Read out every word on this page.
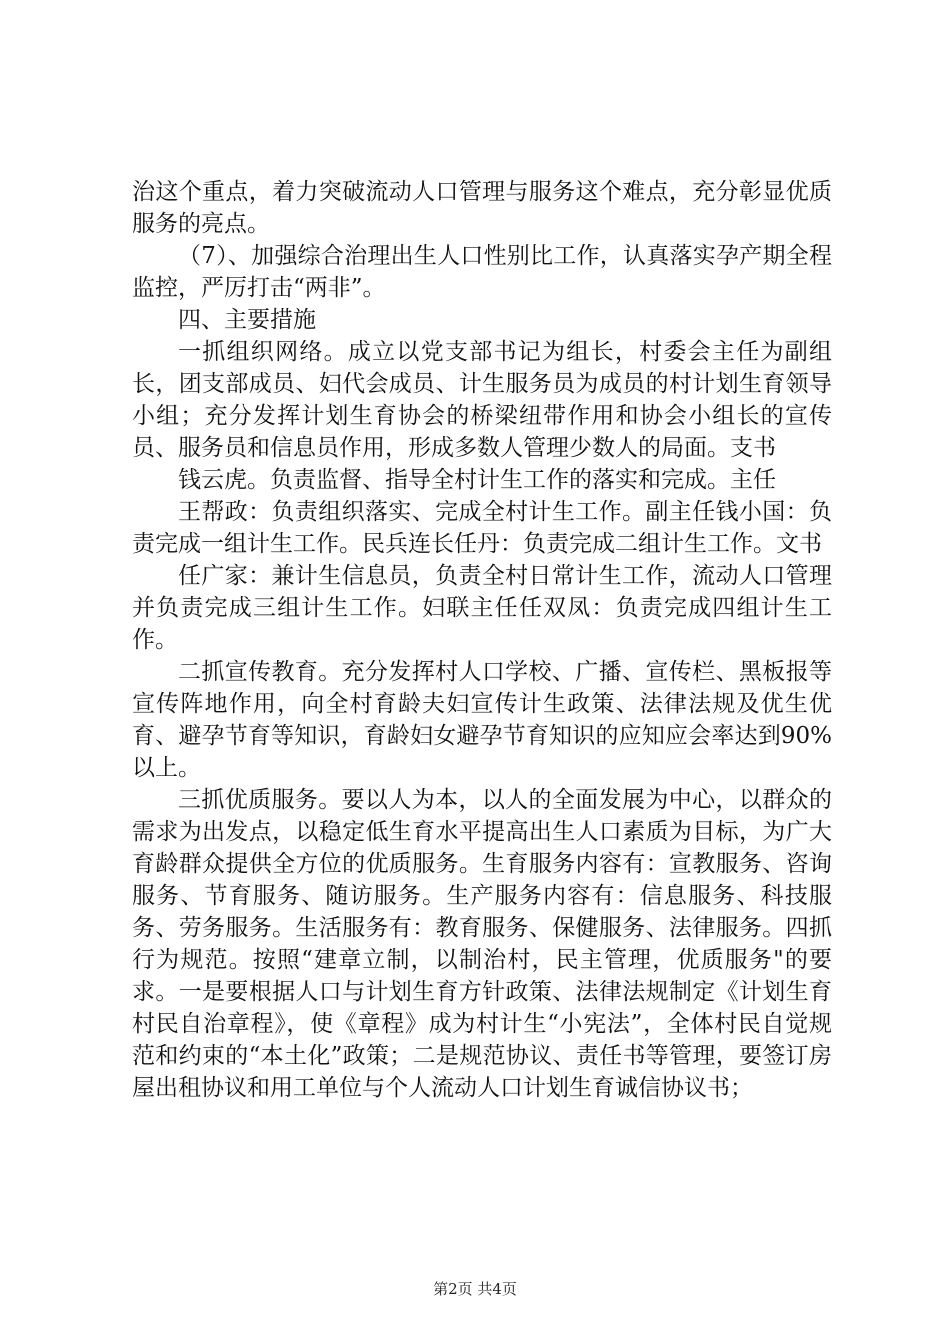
治这个重点，着力突破流动人口管理与服务这个难点，充分彰显优质服务的亮点。

（7）、加强综合治理出生人口性别比工作，认真落实孕产期全程监控，严厉打击“两非”。

四、主要措施

一抓组织网络。成立以党支部书记为组长，村委会主任为副组长，团支部成员、妇代会成员、计生服务员为成员的村计划生育领导小组；充分发挥计划生育协会的桥梁纽带作用和协会小组长的宣传员、服务员和信息员作用，形成多数人管理少数人的局面。支书

钱云虎。负责监督、指导全村计生工作的落实和完成。主任

王帮政：负责组织落实、完成全村计生工作。副主任钱小国：负责完成一组计生工作。民兵连长任丹：负责完成二组计生工作。文书

任广家：兼计生信息员，负责全村日常计生工作，流动人口管理并负责完成三组计生工作。妇联主任任双凤：负责完成四组计生工作。

二抓宣传教育。充分发挥村人口学校、广播、宣传栏、黑板报等宣传阵地作用，向全村育龄夫妇宣传计生政策、法律法规及优生优育、避孕节育等知识，育龄妇女避孕节育知识的应知应会率达到90%以上。

三抓优质服务。要以人为本，以人的全面发展为中心，以群众的需求为出发点，以稳定低生育水平提高出生人口素质为目标，为广大育龄群众提供全方位的优质服务。生育服务内容有：宣教服务、咨询服务、节育服务、随访服务。生产服务内容有：信息服务、科技服务、劳务服务。生活服务有：教育服务、保健服务、法律服务。四抓行为规范。按照“建章立制，以制治村，民主管理，优质服务"的要求。一是要根据人口与计划生育方针政策、法律法规制定《计划生育村民自治章程》，使《章程》成为村计生“小宪法”，全体村民自觉规范和约束的“本土化”政策；二是规范协议、责任书等管理，要签订房屋出租协议和用工单位与个人流动人口计划生育诚信协议书；

第2页 共4页
